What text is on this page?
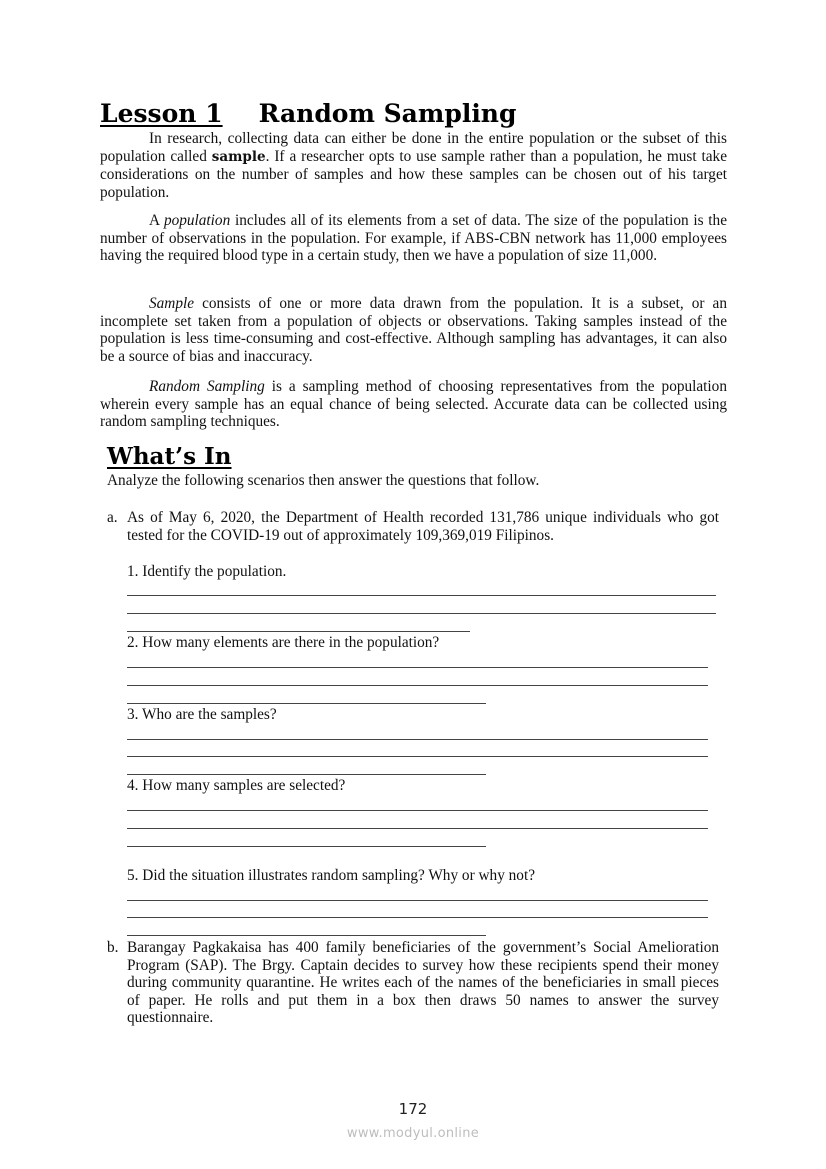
Lesson 1 Random Sampling
In research, collecting data can either be done in the entire population or the subset of this population called sample. If a researcher opts to use sample rather than a population, he must take considerations on the number of samples and how these samples can be chosen out of his target population.
A population includes all of its elements from a set of data. The size of the population is the number of observations in the population. For example, if ABS-CBN network has 11,000 employees having the required blood type in a certain study, then we have a population of size 11,000.
Sample consists of one or more data drawn from the population. It is a subset, or an incomplete set taken from a population of objects or observations. Taking samples instead of the population is less time-consuming and cost-effective. Although sampling has advantages, it can also be a source of bias and inaccuracy.
Random Sampling is a sampling method of choosing representatives from the population wherein every sample has an equal chance of being selected. Accurate data can be collected using random sampling techniques.
What’s In
Analyze the following scenarios then answer the questions that follow.
a. As of May 6, 2020, the Department of Health recorded 131,786 unique individuals who got tested for the COVID-19 out of approximately 109,369,019 Filipinos.
1. Identify the population.
2. How many elements are there in the population?
3. Who are the samples?
4. How many samples are selected?
5. Did the situation illustrates random sampling? Why or why not?
b. Barangay Pagkakaisa has 400 family beneficiaries of the government’s Social Amelioration Program (SAP). The Brgy. Captain decides to survey how these recipients spend their money during community quarantine. He writes each of the names of the beneficiaries in small pieces of paper. He rolls and put them in a box then draws 50 names to answer the survey questionnaire.
172
www.modyul.online
